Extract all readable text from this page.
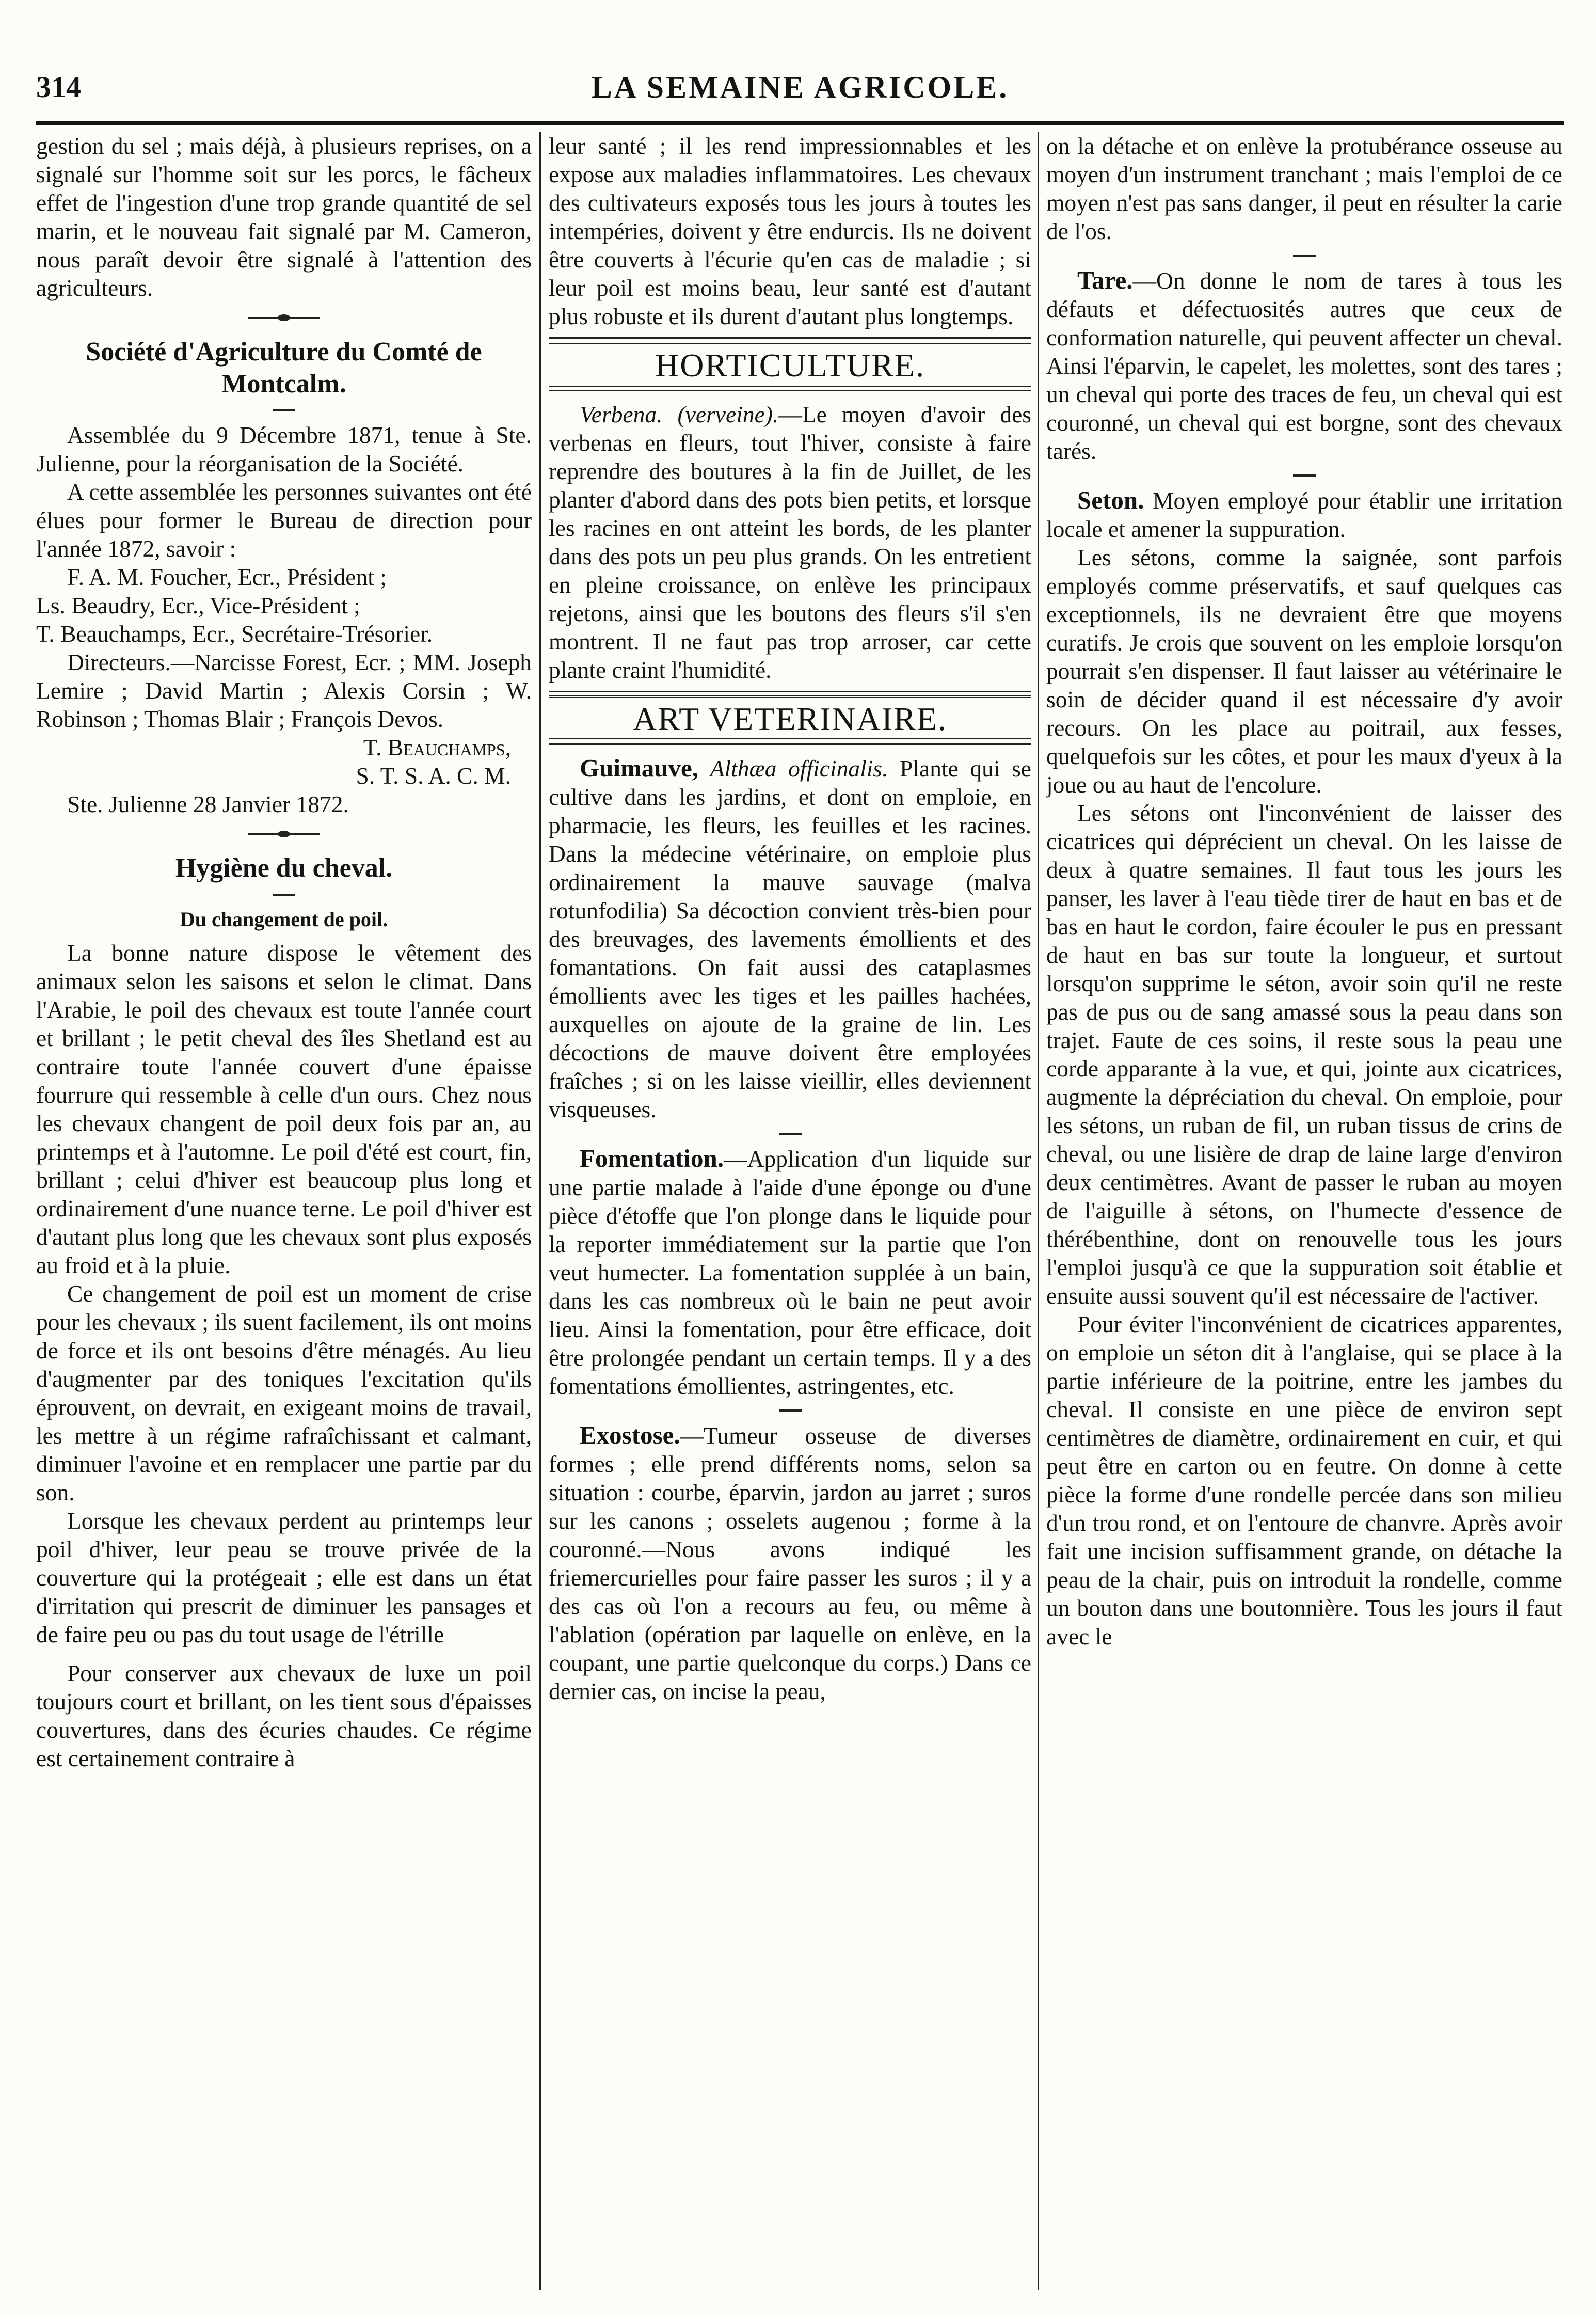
314	LA SEMAINE AGRICOLE.

gestion du sel ; mais déjà, à plusieurs reprises, on a signalé sur l'homme soit sur les porcs, le fâcheux effet de l'ingestion d'une trop grande quantité de sel marin, et le nouveau fait signalé par M. Cameron, nous paraît devoir être signalé à l'attention des agriculteurs.

Société d'Agriculture du Comté de Montcalm.

Assemblée du 9 Décembre 1871, tenue à Ste. Julienne, pour la réorganisation de la Société.

A cette assemblée les personnes suivantes ont été élues pour former le Bureau de direction pour l'année 1872, savoir :

F. A. M. Foucher, Ecr., Président ;

Ls. Beaudry, Ecr., Vice-Président ;

T. Beauchamps, Ecr., Secrétaire-Trésorier.

Directeurs.—Narcisse Forest, Ecr. ; MM. Joseph Lemire ; David Martin ; Alexis Corsin ; W. Robinson ; Thomas Blair ; François Devos.

T. Beauchamps,

S. T. S. A. C. M.

Ste. Julienne 28 Janvier 1872.

Hygiène du cheval.
Du changement de poil.

La bonne nature dispose le vêtement des animaux selon les saisons et selon le climat. Dans l'Arabie, le poil des chevaux est toute l'année court et brillant ; le petit cheval des îles Shetland est au contraire toute l'année couvert d'une épaisse fourrure qui ressemble à celle d'un ours. Chez nous les chevaux changent de poil deux fois par an, au printemps et à l'automne. Le poil d'été est court, fin, brillant ; celui d'hiver est beaucoup plus long et ordinairement d'une nuance terne. Le poil d'hiver est d'autant plus long que les chevaux sont plus exposés au froid et à la pluie.

Ce changement de poil est un moment de crise pour les chevaux ; ils suent facilement, ils ont moins de force et ils ont besoins d'être ménagés. Au lieu d'augmenter par des toniques l'excitation qu'ils éprouvent, on devrait, en exigeant moins de travail, les mettre à un régime rafraîchissant et calmant, diminuer l'avoine et en remplacer une partie par du son.

Lorsque les chevaux perdent au printemps leur poil d'hiver, leur peau se trouve privée de la couverture qui la protégeait ; elle est dans un état d'irritation qui prescrit de diminuer les pansages et de faire peu ou pas du tout usage de l'étrille

Pour conserver aux chevaux de luxe un poil toujours court et brillant, on les tient sous d'épaisses couvertures, dans des écuries chaudes. Ce régime est certainement contraire à

leur santé ; il les rend impressionnables et les expose aux maladies inflammatoires. Les chevaux des cultivateurs exposés tous les jours à toutes les intempéries, doivent y être endurcis. Ils ne doivent être couverts à l'écurie qu'en cas de maladie ; si leur poil est moins beau, leur santé est d'autant plus robuste et ils durent d'autant plus longtemps.

HORTICULTURE.

Verbena. (verveine).—Le moyen d'avoir des verbenas en fleurs, tout l'hiver, consiste à faire reprendre des boutures à la fin de Juillet, de les planter d'abord dans des pots bien petits, et lorsque les racines en ont atteint les bords, de les planter dans des pots un peu plus grands. On les entretient en pleine croissance, on enlève les principaux rejetons, ainsi que les boutons des fleurs s'il s'en montrent. Il ne faut pas trop arroser, car cette plante craint l'humidité.

ART VETERINAIRE.

Guimauve, Althæa officinalis. Plante qui se cultive dans les jardins, et dont on emploie, en pharmacie, les fleurs, les feuilles et les racines. Dans la médecine vétérinaire, on emploie plus ordinairement la mauve sauvage (malva rotunfodilia) Sa décoction convient très-bien pour des breuvages, des lavements émollients et des fomantations. On fait aussi des cataplasmes émollients avec les tiges et les pailles hachées, auxquelles on ajoute de la graine de lin. Les décoctions de mauve doivent être employées fraîches ; si on les laisse vieillir, elles deviennent visqueuses.

Fomentation.—Application d'un liquide sur une partie malade à l'aide d'une éponge ou d'une pièce d'étoffe que l'on plonge dans le liquide pour la reporter immédiatement sur la partie que l'on veut humecter. La fomentation supplée à un bain, dans les cas nombreux où le bain ne peut avoir lieu. Ainsi la fomentation, pour être efficace, doit être prolongée pendant un certain temps. Il y a des fomentations émollientes, astringentes, etc.

Exostose.—Tumeur osseuse de diverses formes ; elle prend différents noms, selon sa situation : courbe, éparvin, jardon au jarret ; suros sur les canons ; osselets augenou ; forme à la couronné.—Nous avons indiqué les friemercurielles pour faire passer les suros ; il y a des cas où l'on a recours au feu, ou même à l'ablation (opération par laquelle on enlève, en la coupant, une partie quelconque du corps.) Dans ce dernier cas, on incise la peau,

on la détache et on enlève la protubérance osseuse au moyen d'un instrument tranchant ; mais l'emploi de ce moyen n'est pas sans danger, il peut en résulter la carie de l'os.

Tare.—On donne le nom de tares à tous les défauts et défectuosités autres que ceux de conformation naturelle, qui peuvent affecter un cheval. Ainsi l'éparvin, le capelet, les molettes, sont des tares ; un cheval qui porte des traces de feu, un cheval qui est couronné, un cheval qui est borgne, sont des chevaux tarés.

Seton. Moyen employé pour établir une irritation locale et amener la suppuration.

Les sétons, comme la saignée, sont parfois employés comme préservatifs, et sauf quelques cas exceptionnels, ils ne devraient être que moyens curatifs. Je crois que souvent on les emploie lorsqu'on pourrait s'en dispenser. Il faut laisser au vétérinaire le soin de décider quand il est nécessaire d'y avoir recours. On les place au poitrail, aux fesses, quelquefois sur les côtes, et pour les maux d'yeux à la joue ou au haut de l'encolure.

Les sétons ont l'inconvénient de laisser des cicatrices qui déprécient un cheval. On les laisse de deux à quatre semaines. Il faut tous les jours les panser, les laver à l'eau tiède tirer de haut en bas et de bas en haut le cordon, faire écouler le pus en pressant de haut en bas sur toute la longueur, et surtout lorsqu'on supprime le séton, avoir soin qu'il ne reste pas de pus ou de sang amassé sous la peau dans son trajet. Faute de ces soins, il reste sous la peau une corde apparante à la vue, et qui, jointe aux cicatrices, augmente la dépréciation du cheval. On emploie, pour les sétons, un ruban de fil, un ruban tissus de crins de cheval, ou une lisière de drap de laine large d'environ deux centimètres. Avant de passer le ruban au moyen de l'aiguille à sétons, on l'humecte d'essence de thérébenthine, dont on renouvelle tous les jours l'emploi jusqu'à ce que la suppuration soit établie et ensuite aussi souvent qu'il est nécessaire de l'activer.

Pour éviter l'inconvénient de cicatrices apparentes, on emploie un séton dit à l'anglaise, qui se place à la partie inférieure de la poitrine, entre les jambes du cheval. Il consiste en une pièce de environ sept centimètres de diamètre, ordinairement en cuir, et qui peut être en carton ou en feutre. On donne à cette pièce la forme d'une rondelle percée dans son milieu d'un trou rond, et on l'entoure de chanvre. Après avoir fait une incision suffisamment grande, on détache la peau de la chair, puis on introduit la rondelle, comme un bouton dans une boutonnière. Tous les jours il faut avec le
